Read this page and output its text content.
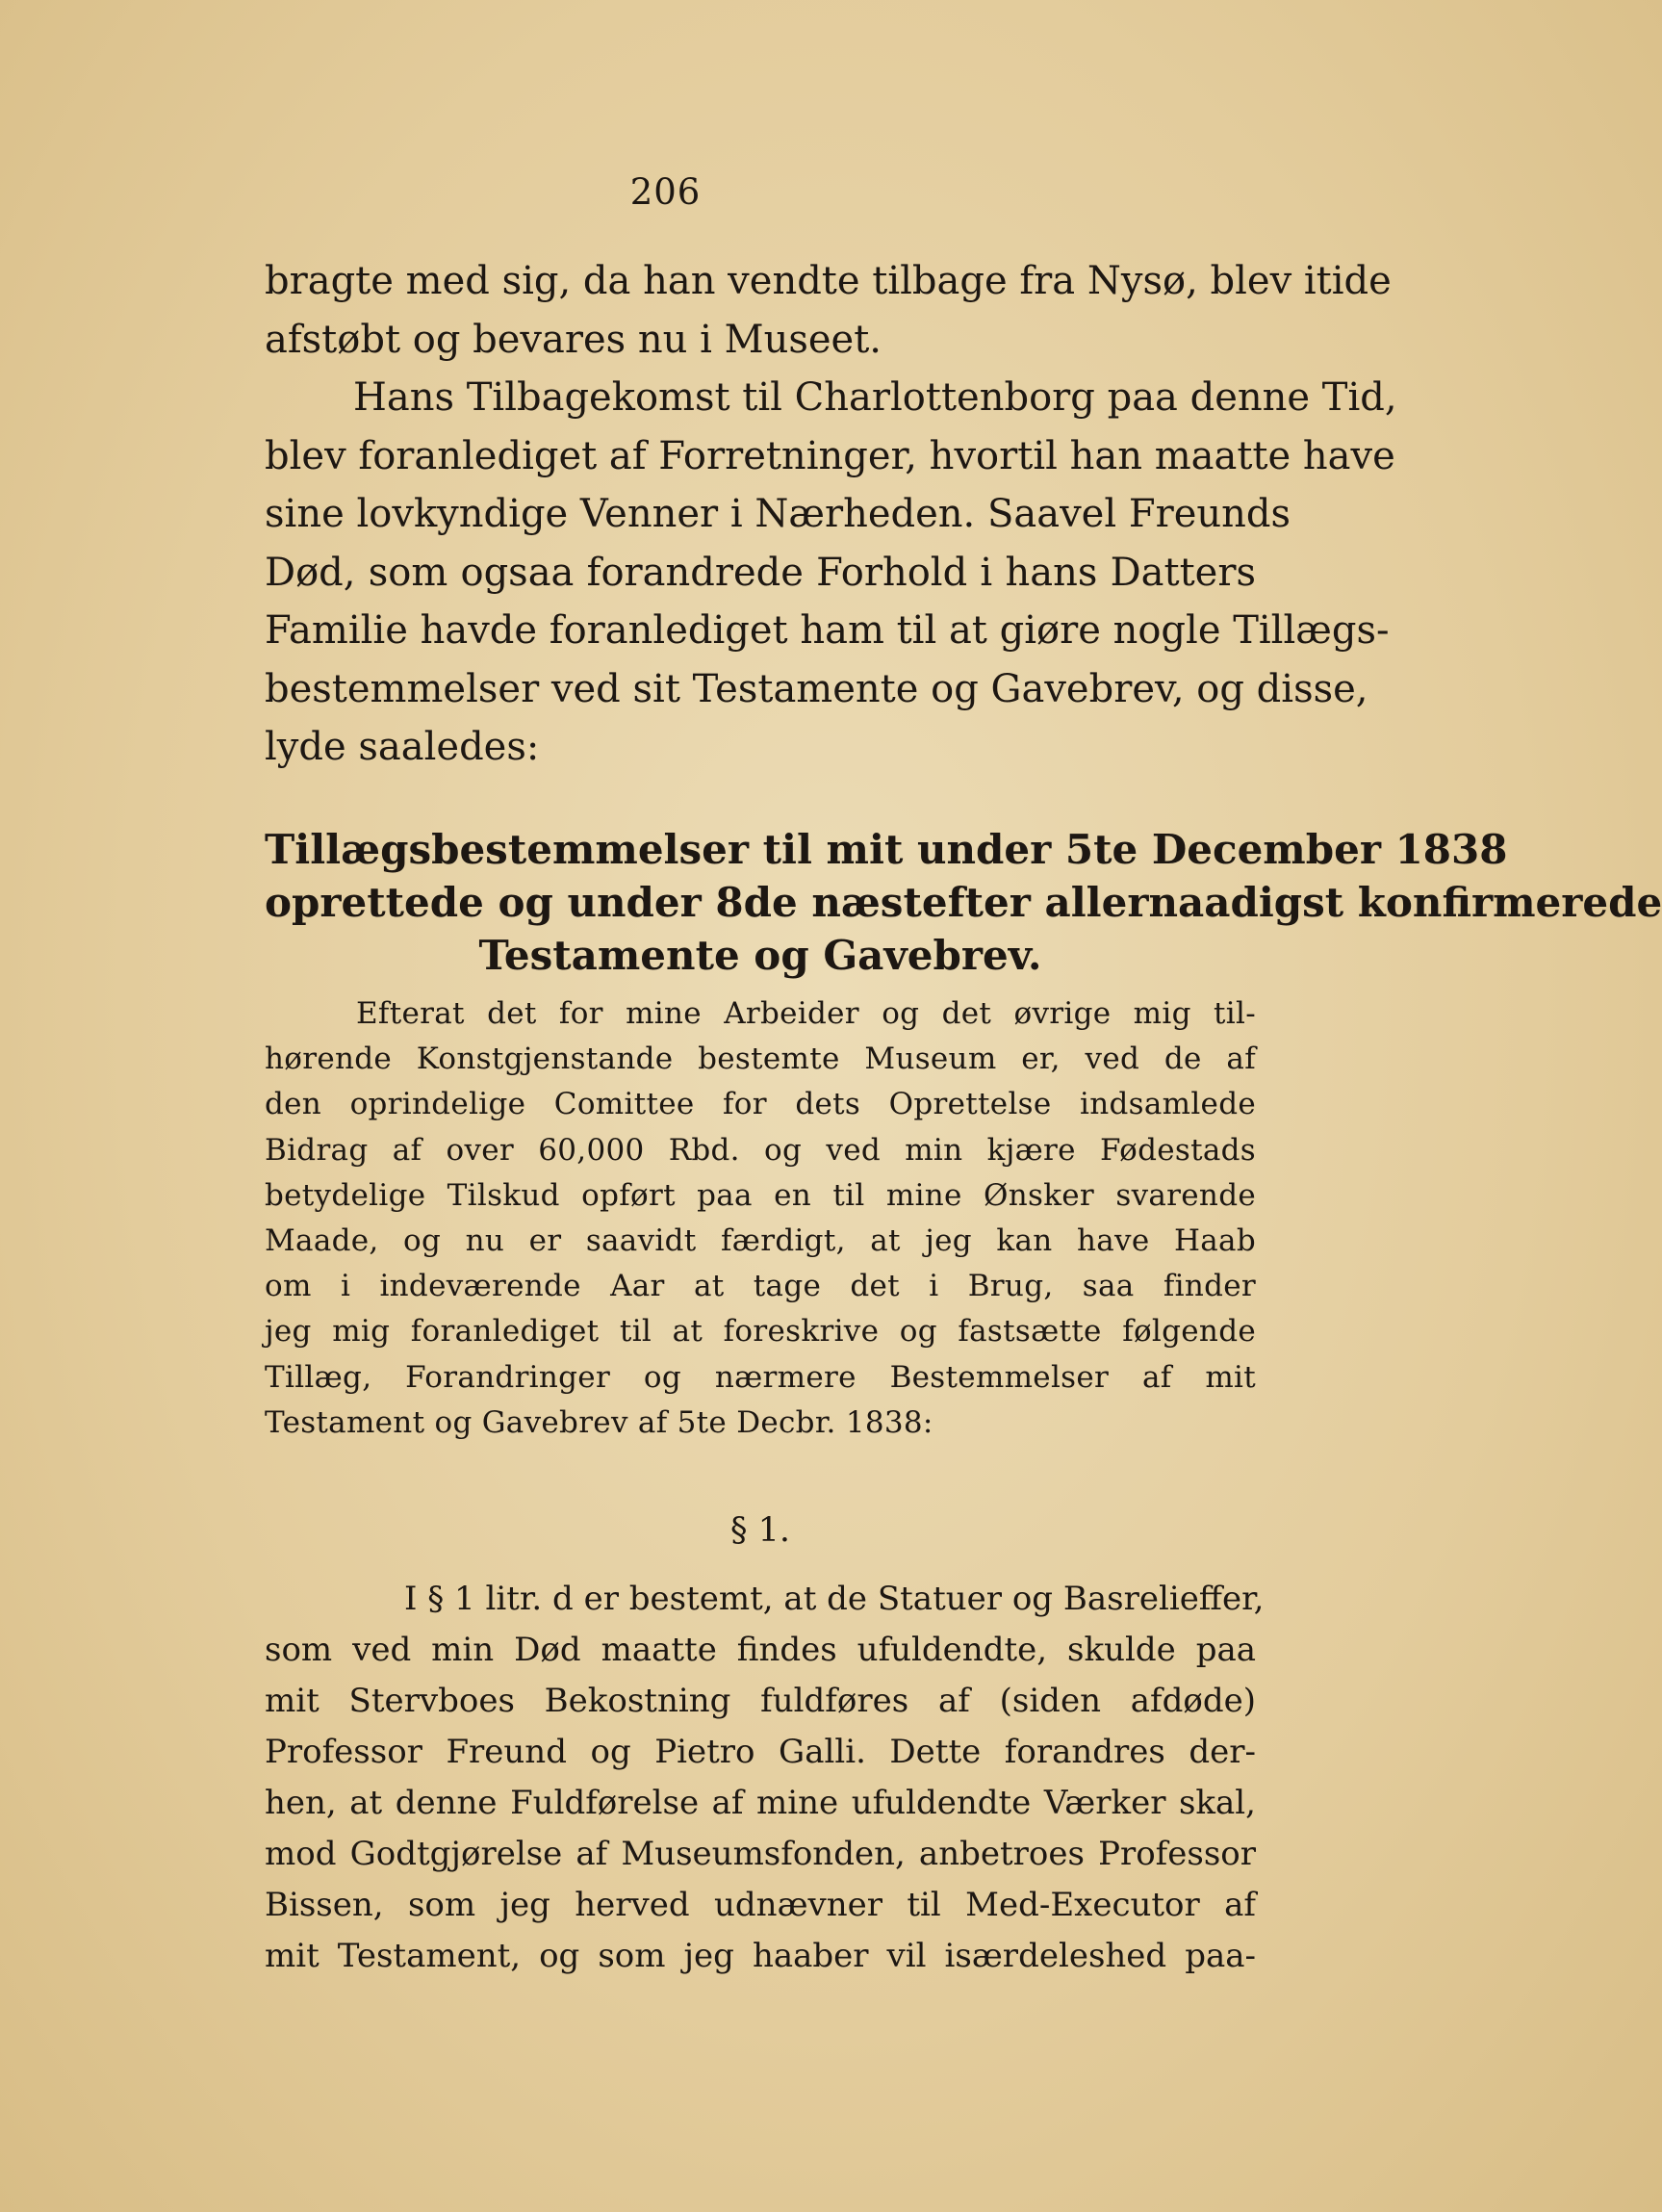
206
bragte med sig, da han vendte tilbage fra Nysø, blev itide
afstøbt og bevares nu i Museet.
Hans Tilbagekomst til Charlottenborg paa denne Tid,
blev foranlediget af Forretninger, hvortil han maatte have
sine lovkyndige Venner i Nærheden. Saavel Freunds
Død, som ogsaa forandrede Forhold i hans Datters
Familie havde foranlediget ham til at giøre nogle Tillægs-
bestemmelser ved sit Testamente og Gavebrev, og disse,
lyde saaledes:
Tillægsbestemmelser til mit under 5te December 1838
oprettede og under 8de næstefter allernaadigst konfirmerede
Testamente og Gavebrev.
Efterat det for mine Arbeider og det øvrige mig til-
hørende Konstgjenstande bestemte Museum er, ved de af
den oprindelige Comittee for dets Oprettelse indsamlede
Bidrag af over 60,000 Rbd. og ved min kjære Fødestads
betydelige Tilskud opført paa en til mine Ønsker svarende
Maade, og nu er saavidt færdigt, at jeg kan have Haab
om i indeværende Aar at tage det i Brug, saa finder
jeg mig foranlediget til at foreskrive og fastsætte følgende
Tillæg, Forandringer og nærmere Bestemmelser af mit
Testament og Gavebrev af 5te Decbr. 1838:
§ 1.
I § 1 litr. d er bestemt, at de Statuer og Basrelieffer,
som ved min Død maatte findes ufuldendte, skulde paa
mit Stervboes Bekostning fuldføres af (siden afdøde)
Professor Freund og Pietro Galli. Dette forandres der-
hen, at denne Fuldførelse af mine ufuldendte Værker skal,
mod Godtgjørelse af Museumsfonden, anbetroes Professor
Bissen, som jeg herved udnævner til Med-Executor af
mit Testament, og som jeg haaber vil isærdeleshed paa-
